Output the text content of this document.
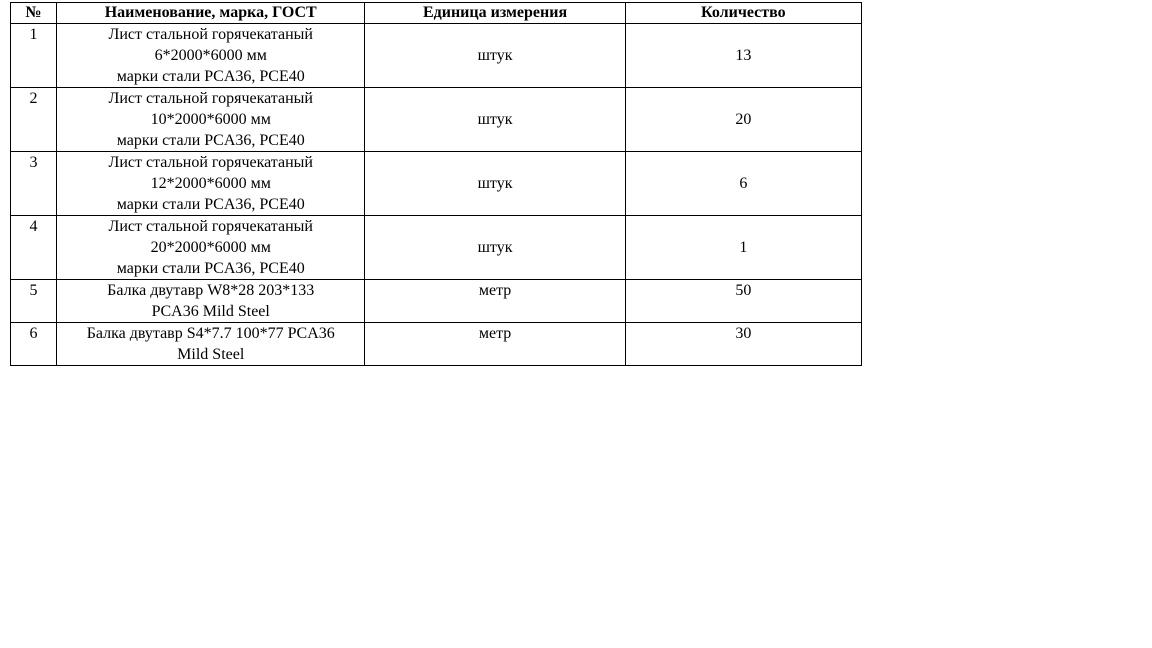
№	Наименование, марка, ГОСТ	Единица измерения	Количество
1	Лист стальной горячекатаный
6*2000*6000 мм
марки стали PCA36, PCE40	штук	13
2	Лист стальной горячекатаный
10*2000*6000 мм
марки стали PCA36, PCE40	штук	20
3	Лист стальной горячекатаный
12*2000*6000 мм
марки стали PCA36, PCE40	штук	6
4	Лист стальной горячекатаный
20*2000*6000 мм
марки стали PCA36, PCE40	штук	1
5	Балка двутавр W8*28 203*133
PCA36 Mild Steel	метр	50
6	Балка двутавр S4*7.7 100*77 PCA36
Mild Steel	метр	30
